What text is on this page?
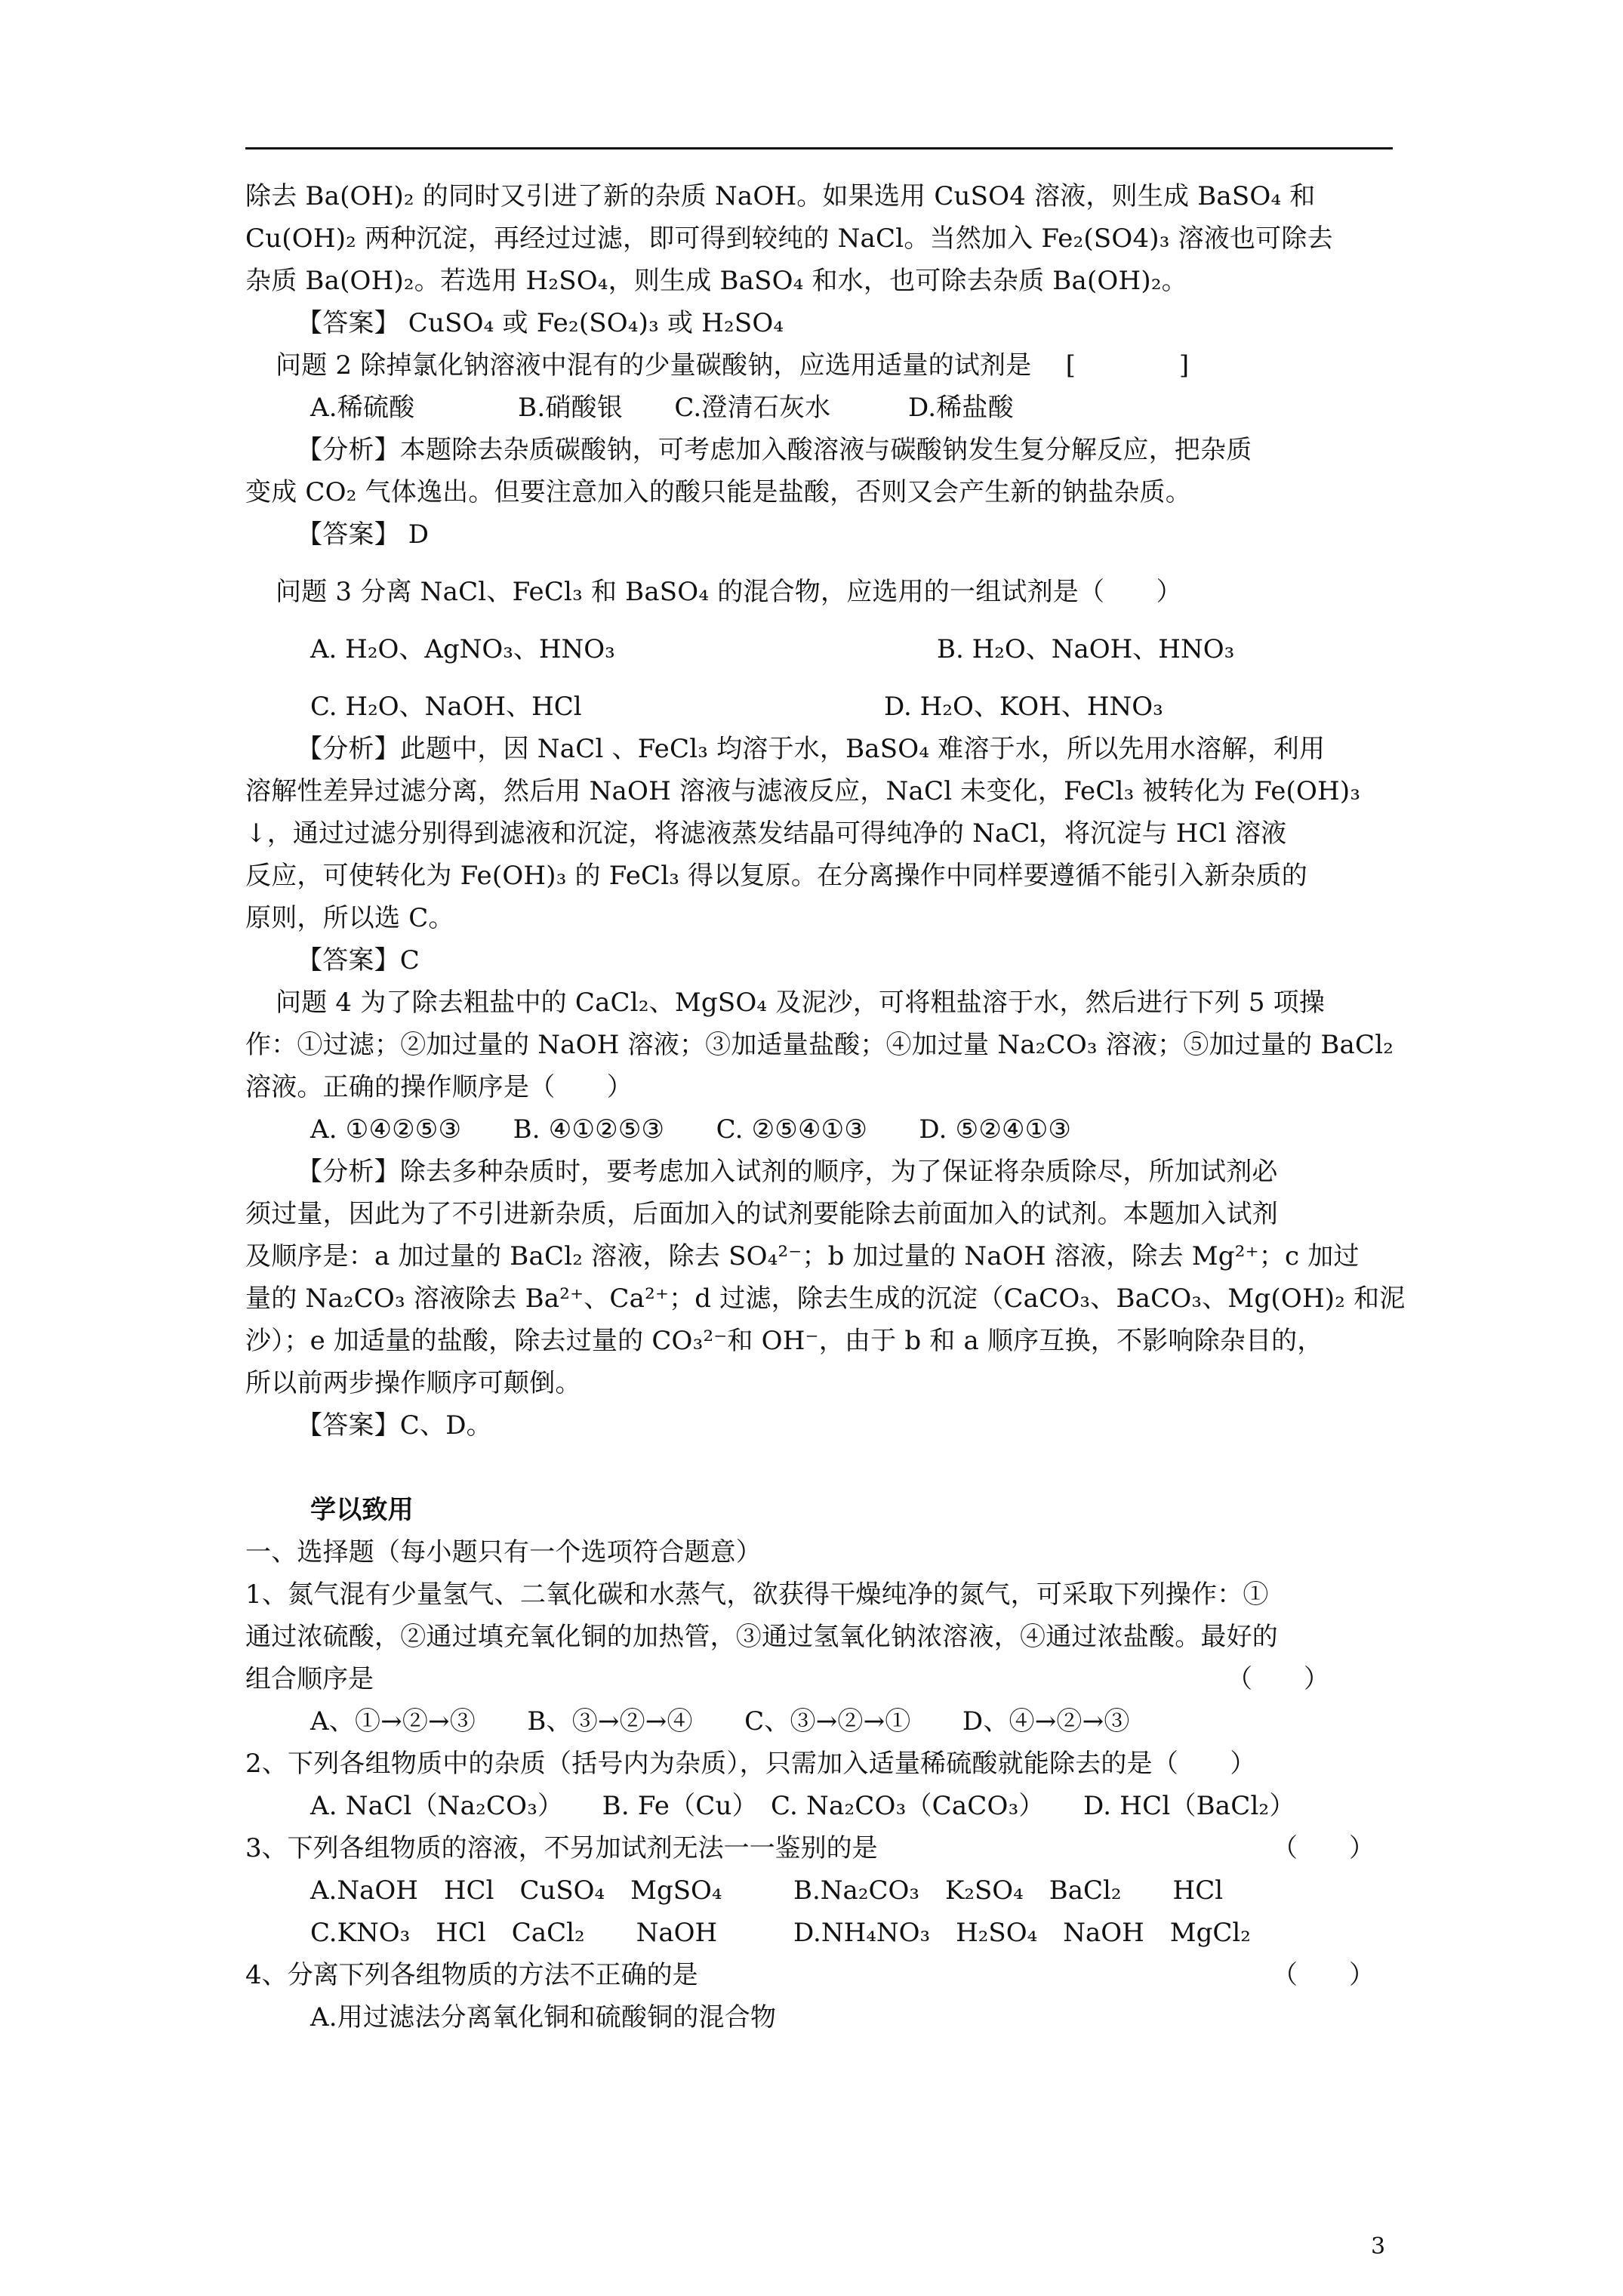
除去 Ba(OH)₂ 的同时又引进了新的杂质 NaOH。如果选用 CuSO4 溶液，则生成 BaSO₄ 和

Cu(OH)₂ 两种沉淀，再经过过滤，即可得到较纯的 NaCl。当然加入 Fe₂(SO4)₃ 溶液也可除去

杂质 Ba(OH)₂。若选用 H₂SO₄，则生成 BaSO₄ 和水，也可除去杂质 Ba(OH)₂。

【答案】 CuSO₄ 或 Fe₂(SO₄)₃ 或 H₂SO₄

问题 2 除掉氯化钠溶液中混有的少量碳酸钠，应选用适量的试剂是　 [　　　　]

A.稀硫酸　　　　B.硝酸银　　C.澄清石灰水　　　D.稀盐酸

【分析】本题除去杂质碳酸钠，可考虑加入酸溶液与碳酸钠发生复分解反应，把杂质

变成 CO₂ 气体逸出。但要注意加入的酸只能是盐酸，否则又会产生新的钠盐杂质。

【答案】 D

问题 3 分离 NaCl、FeCl₃ 和 BaSO₄ 的混合物，应选用的一组试剂是（　　）

A. H₂O、AgNO₃、HNO₃	B. H₂O、NaOH、HNO₃
C. H₂O、NaOH、HCl	D. H₂O、KOH、HNO₃

【分析】此题中，因 NaCl 、FeCl₃ 均溶于水，BaSO₄ 难溶于水，所以先用水溶解，利用

溶解性差异过滤分离，然后用 NaOH 溶液与滤液反应，NaCl 未变化，FeCl₃ 被转化为 Fe(OH)₃

↓，通过过滤分别得到滤液和沉淀，将滤液蒸发结晶可得纯净的 NaCl，将沉淀与 HCl 溶液

反应，可使转化为 Fe(OH)₃ 的 FeCl₃ 得以复原。在分离操作中同样要遵循不能引入新杂质的

原则，所以选 C。

【答案】C

问题 4 为了除去粗盐中的 CaCl₂、MgSO₄ 及泥沙，可将粗盐溶于水，然后进行下列 5 项操

作：①过滤；②加过量的 NaOH 溶液；③加适量盐酸；④加过量 Na₂CO₃ 溶液；⑤加过量的 BaCl₂

溶液。正确的操作顺序是（　　）

A. ①④②⑤③　　B. ④①②⑤③　　C. ②⑤④①③　　D. ⑤②④①③

【分析】除去多种杂质时，要考虑加入试剂的顺序，为了保证将杂质除尽，所加试剂必

须过量，因此为了不引进新杂质，后面加入的试剂要能除去前面加入的试剂。本题加入试剂

及顺序是：a 加过量的 BaCl₂ 溶液，除去 SO₄²⁻；b 加过量的 NaOH 溶液，除去 Mg²⁺；c 加过

量的 Na₂CO₃ 溶液除去 Ba²⁺、Ca²⁺；d 过滤，除去生成的沉淀（CaCO₃、BaCO₃、Mg(OH)₂ 和泥

沙）；e 加适量的盐酸，除去过量的 CO₃²⁻和 OH⁻，由于 b 和 a 顺序互换，不影响除杂目的，

所以前两步操作顺序可颠倒。

【答案】C、D。

学以致用

一、选择题（每小题只有一个选项符合题意）

1、氮气混有少量氢气、二氧化碳和水蒸气，欲获得干燥纯净的氮气，可采取下列操作：①

通过浓硫酸，②通过填充氧化铜的加热管，③通过氢氧化钠浓溶液，④通过浓盐酸。最好的

组合顺序是	（　　）

A、①→②→③　　B、③→②→④　　C、③→②→①　　D、④→②→③

2、下列各组物质中的杂质（括号内为杂质），只需加入适量稀硫酸就能除去的是（　　）

A. NaCl（Na₂CO₃）　　B. Fe（Cu）　C. Na₂CO₃（CaCO₃）　　D. HCl（BaCl₂）

3、下列各组物质的溶液，不另加试剂无法一一鉴别的是	（　　）
A.NaOH　HCl　CuSO₄　MgSO₄	B.Na₂CO₃　K₂SO₄　BaCl₂　　HCl
C.KNO₃　HCl　CaCl₂　　NaOH	D.NH₄NO₃　H₂SO₄　NaOH　MgCl₂
4、分离下列各组物质的方法不正确的是	（　　）

A.用过滤法分离氧化铜和硫酸铜的混合物

3
